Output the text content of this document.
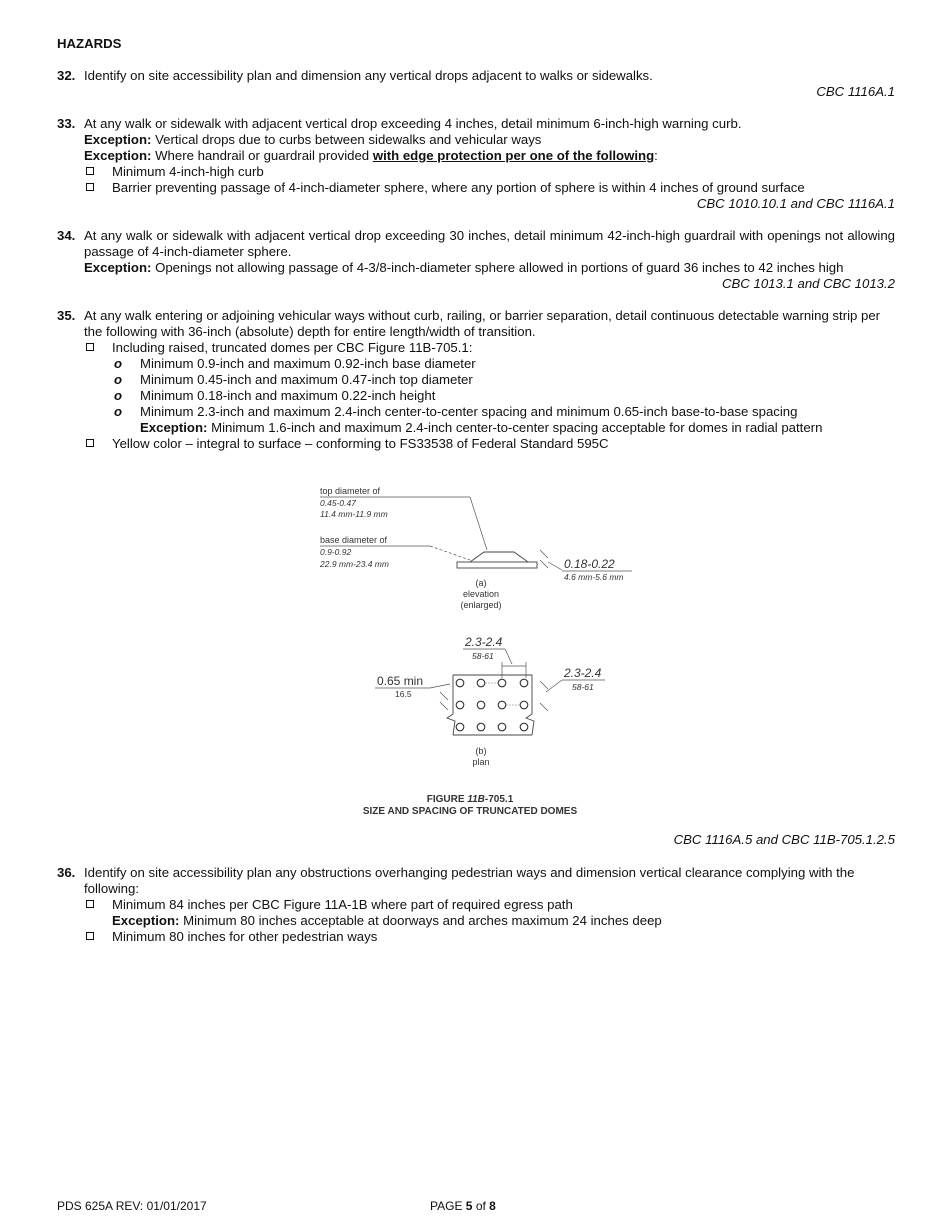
HAZARDS
32. Identify on site accessibility plan and dimension any vertical drops adjacent to walks or sidewalks.
CBC 1116A.1
33. At any walk or sidewalk with adjacent vertical drop exceeding 4 inches, detail minimum 6-inch-high warning curb.
Exception: Vertical drops due to curbs between sidewalks and vehicular ways
Exception: Where handrail or guardrail provided with edge protection per one of the following:
Minimum 4-inch-high curb
Barrier preventing passage of 4-inch-diameter sphere, where any portion of sphere is within 4 inches of ground surface
CBC 1010.10.1 and CBC 1116A.1
34. At any walk or sidewalk with adjacent vertical drop exceeding 30 inches, detail minimum 42-inch-high guardrail with openings not allowing passage of 4-inch-diameter sphere.
Exception: Openings not allowing passage of 4-3/8-inch-diameter sphere allowed in portions of guard 36 inches to 42 inches high
CBC 1013.1 and CBC 1013.2
35. At any walk entering or adjoining vehicular ways without curb, railing, or barrier separation, detail continuous detectable warning strip per the following with 36-inch (absolute) depth for entire length/width of transition.
Including raised, truncated domes per CBC Figure 11B-705.1:
o Minimum 0.9-inch and maximum 0.92-inch base diameter
o Minimum 0.45-inch and maximum 0.47-inch top diameter
o Minimum 0.18-inch and maximum 0.22-inch height
o Minimum 2.3-inch and maximum 2.4-inch center-to-center spacing and minimum 0.65-inch base-to-base spacing
Exception: Minimum 1.6-inch and maximum 2.4-inch center-to-center spacing acceptable for domes in radial pattern
Yellow color – integral to surface – conforming to FS33538 of Federal Standard 595C
top diameter of
0.45-0.47
11.4 mm-11.9 mm
base diameter of
0.9-0.92
22.9 mm-23.4 mm	0.18-0.22
4.6 mm-5.6 mm
(a)
elevation
(enlarged)
2.3-2.4
58-61
2.3-2.4
58-61
0.65 min
16.5
(b)
plan
FIGURE 11B-705.1
SIZE AND SPACING OF TRUNCATED DOMES
CBC 1116A.5 and CBC 11B-705.1.2.5
36. Identify on site accessibility plan any obstructions overhanging pedestrian ways and dimension vertical clearance complying with the following:
Minimum 84 inches per CBC Figure 11A-1B where part of required egress path
Exception: Minimum 80 inches acceptable at doorways and arches maximum 24 inches deep
Minimum 80 inches for other pedestrian ways
PDS 625A REV: 01/01/2017	PAGE 5 of 8
